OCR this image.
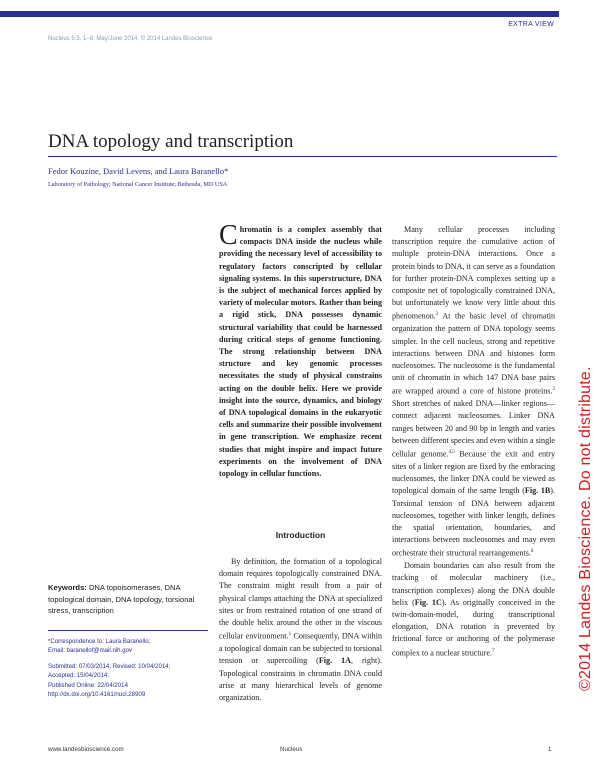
EXTRA VIEW
Nucleus 5:3, 1–8; May/June 2014; © 2014 Landes Bioscience
DNA topology and transcription
Fedor Kouzine, David Levens, and Laura Baranello*
Laboratory of Pathology; National Cancer Institute; Bethesda, MD USA
Chromatin is a complex assembly that compacts DNA inside the nucleus while providing the necessary level of accessibility to regulatory factors conscripted by cellular signaling systems. In this superstructure, DNA is the subject of mechanical forces applied by variety of molecular motors. Rather than being a rigid stick, DNA possesses dynamic structural variability that could be harnessed during critical steps of genome functioning. The strong relationship between DNA structure and key genomic processes necessitates the study of physical constrains acting on the double helix. Here we provide insight into the source, dynamics, and biology of DNA topological domains in the eukaryotic cells and summarize their possible involvement in gene transcription. We emphasize recent studies that might inspire and impact future experiments on the involvement of DNA topology in cellular functions.
Introduction

By definition, the formation of a topological domain requires topologically constrained DNA. The constraint might result from a pair of physical clamps attaching the DNA at specialized sites or from restrained rotation of one strand of the double helix around the other in the viscous cellular environment.$^1$ Consequently, DNA within a topological domain can be subjected to torsional tension or supercoiling (Fig. 1A, right). Topological constraints in chromatin DNA could arise at many hierarchical levels of genome organization.

Many cellular processes including transcription require the cumulative action of multiple protein-DNA interactions. Once a protein binds to DNA, it can serve as a foundation for further protein-DNA complexes setting up a composite net of topologically constrained DNA, but unfortunately we know very little about this phenomenon.$^2$ At the basic level of chromatin organization the pattern of DNA topology seems simpler. In the cell nucleus, strong and repetitive interactions between DNA and histones form nucleosomes. The nucleosome is the fundamental unit of chromatin in which 147 DNA base pairs are wrapped around a core of histone proteins.$^3$ Short stretches of naked DNA—linker regions—connect adjacent nucleosomes. Linker DNA ranges between 20 and 90 bp in length and varies between different species and even within a single cellular genome.$^{4,5}$ Because the exit and entry sites of a linker region are fixed by the embracing nucleosomes, the linker DNA could be viewed as topological domain of the same length (Fig. 1B). Torsional tension of DNA between adjacent nucleosomes, together with linker length, defines the spatial orientation, boundaries, and interactions between nucleosomes and may even orchestrate their structural rearrangements.$^6$

Domain boundaries can also result from the tracking of molecular machinery (i.e., transcription complexes) along the DNA double helix (Fig. 1C). As originally conceived in the twin-domain-model, during transcriptional elongation, DNA rotation is prevented by frictional force or anchoring of the polymerase complex to a nuclear structure.$^7$

Keywords: DNA topoisomerases, DNA topological domain, DNA topology, torsional stress, transcription
*Correspondence to: Laura Baranello;
Email: baranellof@mail.nih.gov
Submitted: 07/03/2014; Revised: 10/04/2014;
Accepted: 15/04/2014;
Published Online: 22/04/2014
http://dx.doi.org/10.4161/nucl.28909
www.landesbioscience.com	Nucleus	1
©2014 Landes Bioscience. Do not distribute.
